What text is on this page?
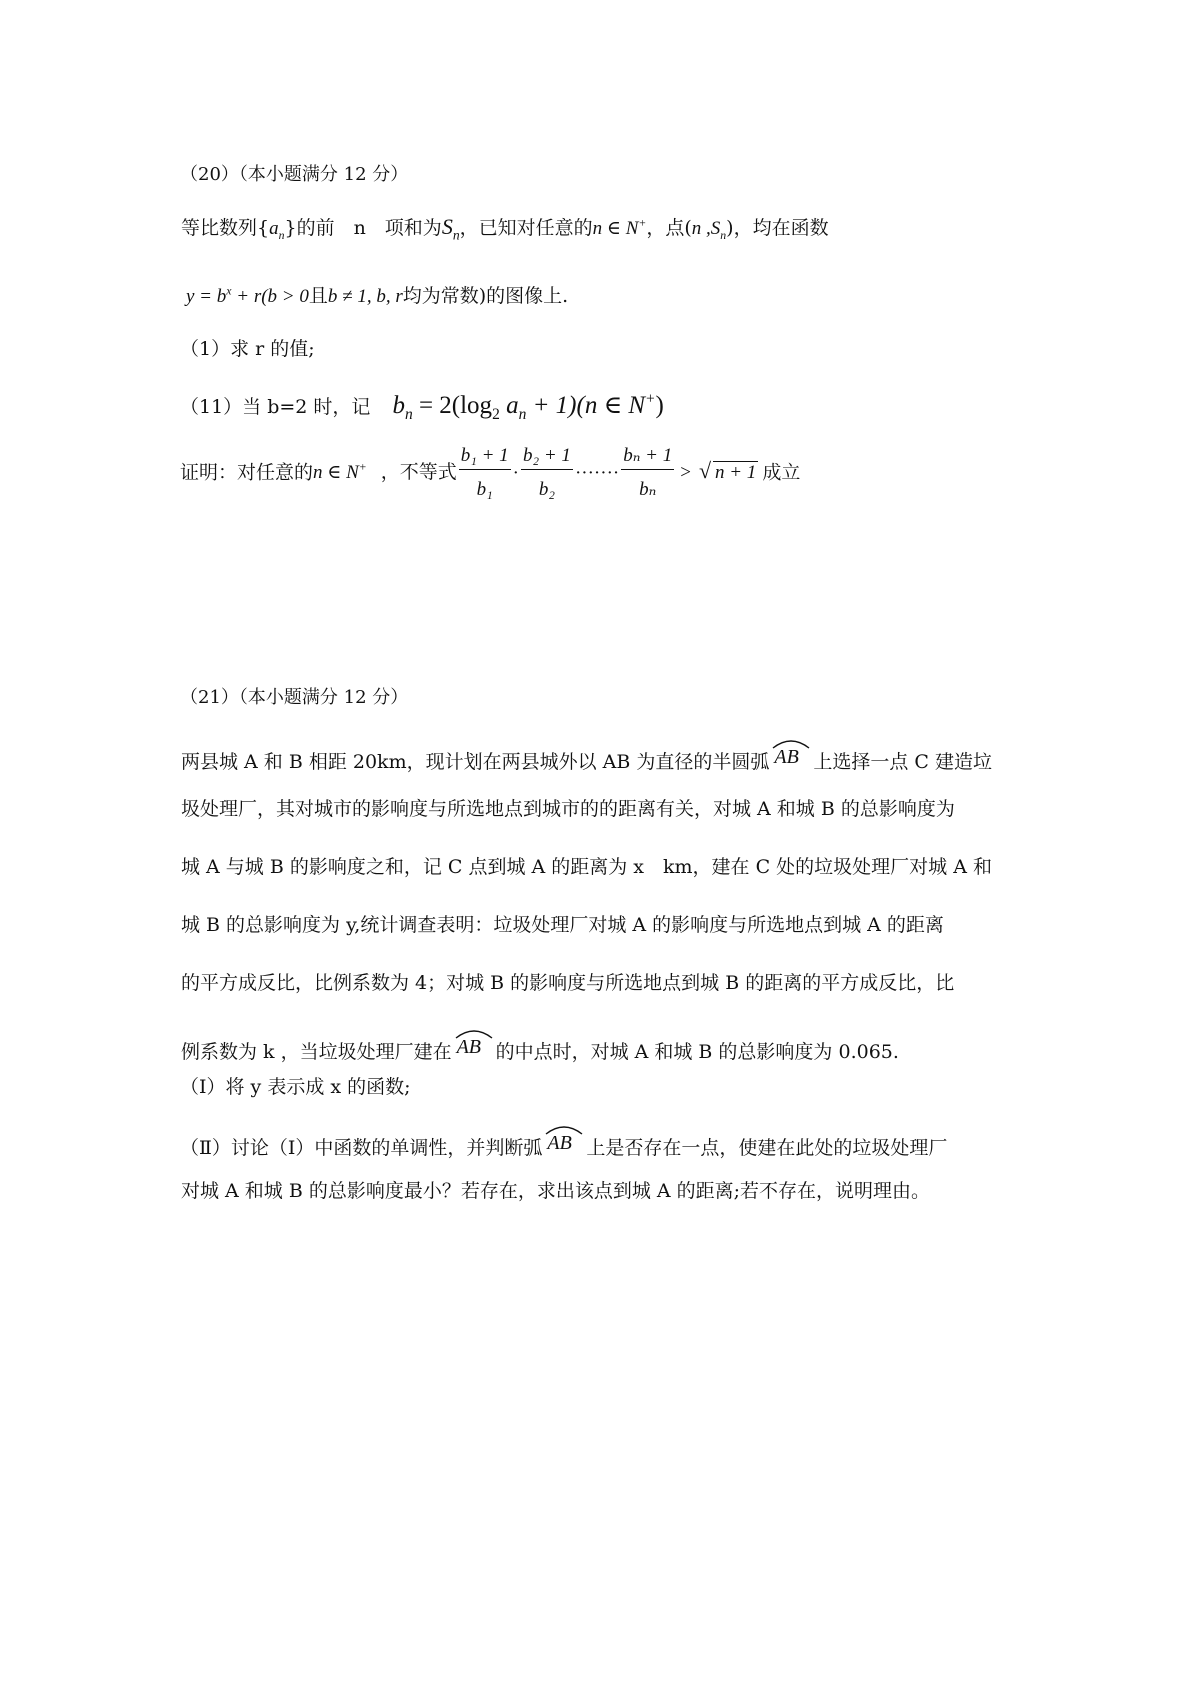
（20）（本小题满分 12 分）
等比数列$\{a_n\}$的前　n　项和为$S_n$，已知对任意的n ∈ N+，点(n $,S_n$)，均在函数
$y = b^x + r(b > 0$且b ≠ 1, b, r均为常数)的图像上.
（1）求 r 的值;
（11）当 b=2 时，记 $b_n = 2(\log_2$ $a_n + 1)(n$ ∈ N+)
证明：对任意的n ∈ N+ ，不等式 $\frac{\text{b₁ + 1}}{\text{b₁}} \cdot \frac{\text{b₂ + 1}}{\text{b₂}}$ ······· $\frac{\text{bₙ + 1}}{\text{bₙ}}$ > √ n + 1 成立
（21）（本小题满分 12 分）
两县城 A 和 B 相距 20km，现计划在两县城外以 AB 为直径的半圆弧 AB 上选择一点 C 建造垃
圾处理厂，其对城市的影响度与所选地点到城市的的距离有关，对城 A 和城 B 的总影响度为
城 A 与城 B 的影响度之和，记 C 点到城 A 的距离为 x　km，建在 C 处的垃圾处理厂对城 A 和
城 B 的总影响度为 y,统计调查表明：垃圾处理厂对城 A 的影响度与所选地点到城 A 的距离
的平方成反比，比例系数为 4；对城 B 的影响度与所选地点到城 B 的距离的平方成反比，比
例系数为 k ，当垃圾处理厂建在 AB 的中点时，对城 A 和城 B 的总影响度为 0.065.
（I）将 y 表示成 x 的函数;
（Ⅱ）讨论（I）中函数的单调性，并判断弧 AB 上是否存在一点，使建在此处的垃圾处理厂
对城 A 和城 B 的总影响度最小？若存在，求出该点到城 A 的距离;若不存在，说明理由。
